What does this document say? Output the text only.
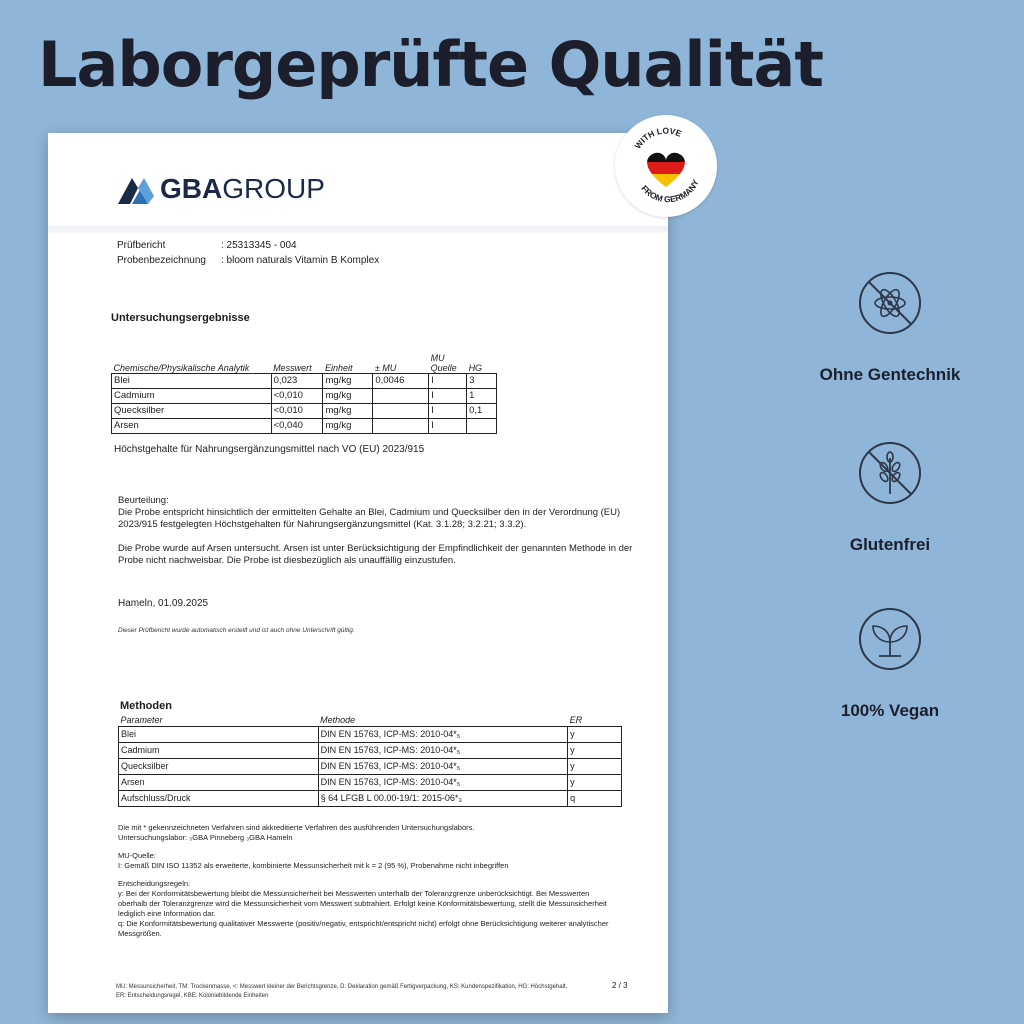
Laborgeprüfte Qualität
GBAGROUP
Prüfbericht	: 25313345 - 004
Probenbezeichnung	: bloom naturals Vitamin B Komplex
Untersuchungsergebnisse
Chemische/Physikalische Analytik	Messwert	Einheit	± MU	MU Quelle	HG
Blei	0,023	mg/kg	0,0046	I	3
Cadmium	<0,010	mg/kg		I	1
Quecksilber	<0,010	mg/kg		I	0,1
Arsen	<0,040	mg/kg		I	
Höchstgehalte für Nahrungsergänzungsmittel nach VO (EU) 2023/915
Beurteilung:
Die Probe entspricht hinsichtlich der ermittelten Gehalte an Blei, Cadmium und Quecksilber den in der Verordnung (EU) 2023/915 festgelegten Höchstgehalten für Nahrungsergänzungsmittel (Kat. 3.1.28; 3.2.21; 3.3.2).
Die Probe wurde auf Arsen untersucht. Arsen ist unter Berücksichtigung der Empfindlichkeit der genannten Methode in der Probe nicht nachweisbar. Die Probe ist diesbezüglich als unauffällig einzustufen.
Hameln, 01.09.2025
Dieser Prüfbericht wurde automatisch erstellt und ist auch ohne Unterschrift gültig.
Methoden
Parameter	Methode	ER
Blei	DIN EN 15763, ICP-MS: 2010-04*₅	y
Cadmium	DIN EN 15763, ICP-MS: 2010-04*₅	y
Quecksilber	DIN EN 15763, ICP-MS: 2010-04*₅	y
Arsen	DIN EN 15763, ICP-MS: 2010-04*₅	y
Aufschluss/Druck	§ 64 LFGB L 00.00-19/1: 2015-06*₃	q
Die mit * gekennzeichneten Verfahren sind akkreditierte Verfahren des ausführenden Untersuchungslabors.
Untersuchungslabor: ₅GBA Pinneberg ₃GBA Hameln
MU-Quelle:
I: Gemäß DIN ISO 11352 als erweiterte, kombinierte Messunsicherheit mit k = 2 (95 %), Probenahme nicht inbegriffen
Entscheidungsregeln:
y: Bei der Konformitätsbewertung bleibt die Messunsicherheit bei Messwerten unterhalb der Toleranzgrenze unberücksichtigt. Bei Messwerten oberhalb der Toleranzgrenze wird die Messunsicherheit vom Messwert subtrahiert. Erfolgt keine Konformitätsbewertung, stellt die Messunsicherheit lediglich eine Information dar.
q: Die Konformitätsbewertung qualitativer Messwerte (positiv/negativ, entspricht/entspricht nicht) erfolgt ohne Berücksichtigung weiterer analytischer Messgrößen.
MU: Messunsicherheit, TM: Trockenmasse, <: Messwert kleiner der Berichtsgrenze, D: Deklaration gemäß Fertigverpackung, KS: Kundenspezifikation, HG: Höchstgehalt,
ER: Entscheidungsregel, KBE: Koloniebildende Einheiten
2 / 3
WITH LOVE
FROM GERMANY
Ohne Gentechnik
Glutenfrei
100% Vegan
